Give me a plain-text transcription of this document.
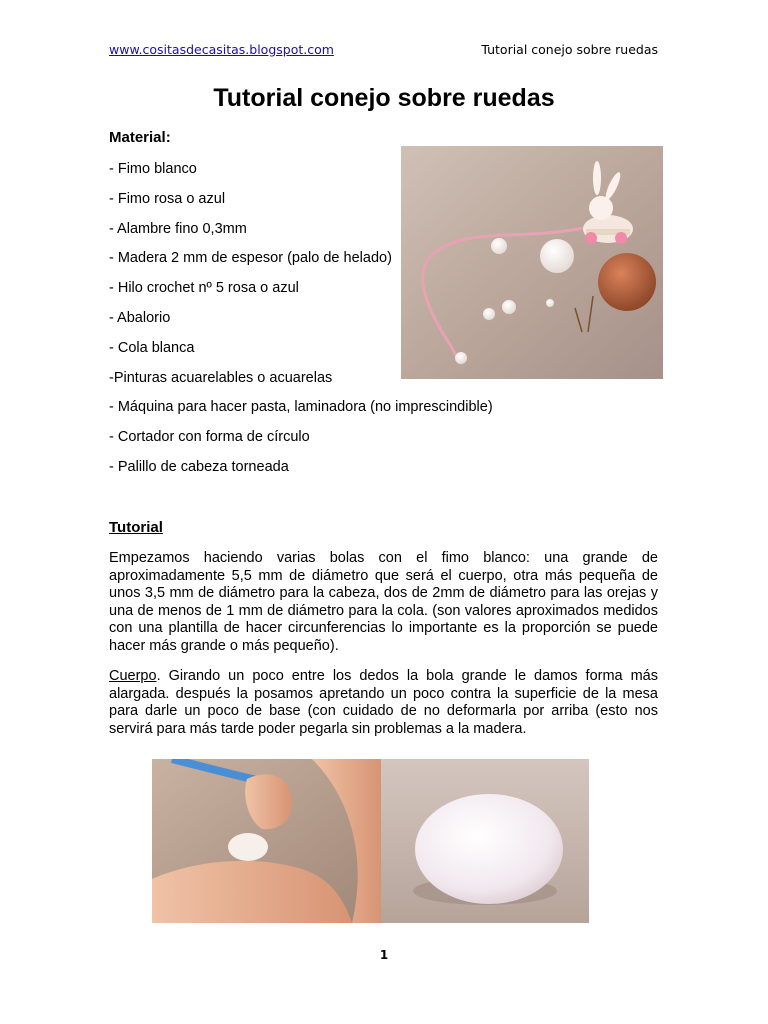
www.cositasdecasitas.blogspot.com	Tutorial conejo sobre ruedas
Tutorial conejo sobre ruedas
Material:
- Fimo blanco
- Fimo rosa o azul
- Alambre fino 0,3mm
- Madera 2 mm de espesor (palo de helado)
- Hilo crochet nº 5 rosa o azul
- Abalorio
- Cola blanca
-Pinturas acuarelables o acuarelas
- Máquina para hacer pasta, laminadora (no imprescindible)
- Cortador con forma de círculo
- Palillo de cabeza torneada
Tutorial

Empezamos haciendo varias bolas con el fimo blanco: una grande de aproximadamente 5,5 mm de diámetro que será el cuerpo, otra más pequeña de unos 3,5 mm de diámetro para la cabeza, dos de 2mm de diámetro para las orejas y una de menos de 1 mm de diámetro para la cola. (son valores aproximados medidos con una plantilla de hacer circunferencias lo importante es la proporción se puede hacer más grande o más pequeño).

Cuerpo. Girando un poco entre los dedos la bola grande le damos forma más alargada. después la posamos apretando un poco contra la superficie de la mesa para darle un poco de base (con cuidado de no deformarla por arriba (esto nos servirá para más tarde poder pegarla sin problemas a la madera.

1
